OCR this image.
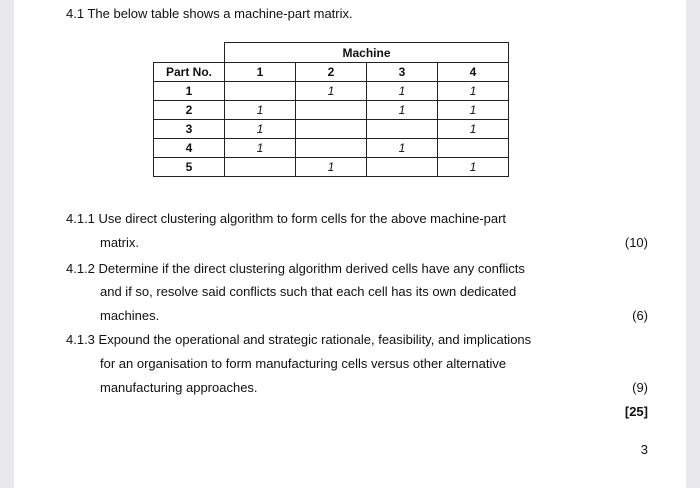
4.1 The below table shows a machine-part matrix.
	Machine			
Part No.	1	2	3	4
1		1	1	1
2	1		1	1
3	1			1
4	1		1	
5		1		1
4.1.1 Use direct clustering algorithm to form cells for the above machine-part
matrix.	(10)
4.1.2 Determine if the direct clustering algorithm derived cells have any conflicts
and if so, resolve said conflicts such that each cell has its own dedicated
machines.	(6)
4.1.3 Expound the operational and strategic rationale, feasibility, and implications
for an organisation to form manufacturing cells versus other alternative
manufacturing approaches.	(9)
[25]
3
